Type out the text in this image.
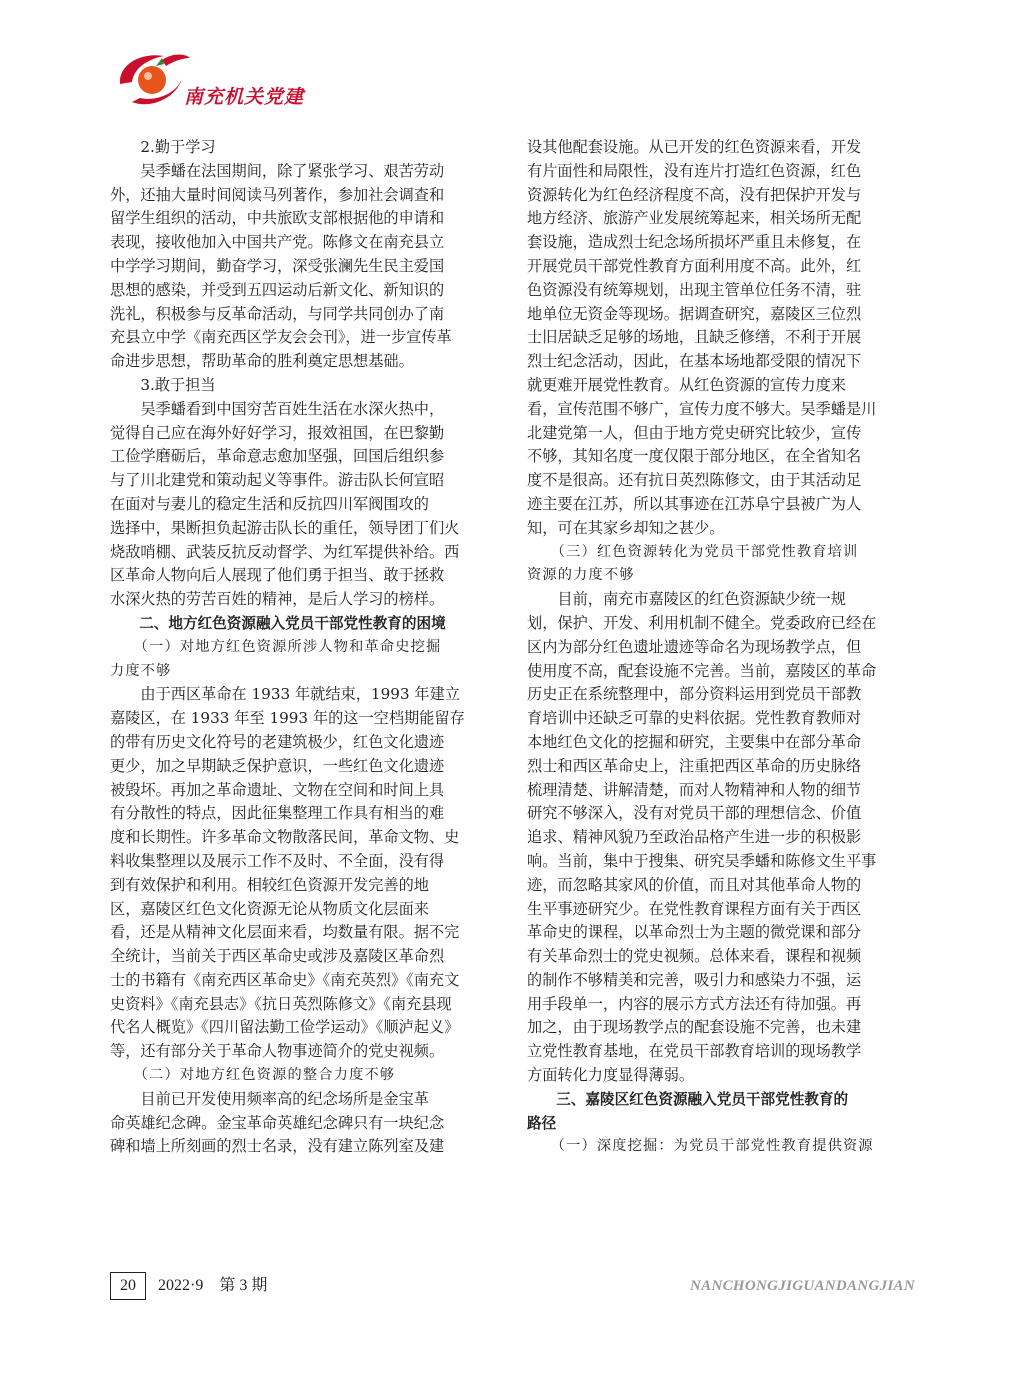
南充机关党建
　　2.勤于学习
　　吴季蟠在法国期间，除了紧张学习、艰苦劳动
外，还抽大量时间阅读马列著作，参加社会调查和
留学生组织的活动，中共旅欧支部根据他的申请和
表现，接收他加入中国共产党。陈修文在南充县立
中学学习期间，勤奋学习，深受张澜先生民主爱国
思想的感染，并受到五四运动后新文化、新知识的
洗礼，积极参与反革命活动，与同学共同创办了南
充县立中学《南充西区学友会会刊》，进一步宣传革
命进步思想，帮助革命的胜利奠定思想基础。
　　3.敢于担当
　　吴季蟠看到中国穷苦百姓生活在水深火热中，
觉得自己应在海外好好学习，报效祖国，在巴黎勤
工俭学磨砺后，革命意志愈加坚强，回国后组织参
与了川北建党和策动起义等事件。游击队长何宣昭
在面对与妻儿的稳定生活和反抗四川军阀围攻的
选择中，果断担负起游击队长的重任，领导团丁们火
烧敌哨棚、武装反抗反动督学、为红军提供补给。西
区革命人物向后人展现了他们勇于担当、敢于拯救
水深火热的劳苦百姓的精神，是后人学习的榜样。
　　二、地方红色资源融入党员干部党性教育的困境
　　（一）对地方红色资源所涉人物和革命史挖掘
力度不够
　　由于西区革命在 1933 年就结束，1993 年建立
嘉陵区，在 1933 年至 1993 年的这一空档期能留存
的带有历史文化符号的老建筑极少，红色文化遗迹
更少，加之早期缺乏保护意识，一些红色文化遗迹
被毁坏。再加之革命遗址、文物在空间和时间上具
有分散性的特点，因此征集整理工作具有相当的难
度和长期性。许多革命文物散落民间，革命文物、史
料收集整理以及展示工作不及时、不全面，没有得
到有效保护和利用。相较红色资源开发完善的地
区，嘉陵区红色文化资源无论从物质文化层面来
看，还是从精神文化层面来看，均数量有限。据不完
全统计，当前关于西区革命史或涉及嘉陵区革命烈
士的书籍有《南充西区革命史》《南充英烈》《南充文
史资料》《南充县志》《抗日英烈陈修文》《南充县现
代名人概览》《四川留法勤工俭学运动》《顺泸起义》
等，还有部分关于革命人物事迹简介的党史视频。
　　（二）对地方红色资源的整合力度不够
　　目前已开发使用频率高的纪念场所是金宝革
命英雄纪念碑。金宝革命英雄纪念碑只有一块纪念
碑和墙上所刻画的烈士名录，没有建立陈列室及建
设其他配套设施。从已开发的红色资源来看，开发
有片面性和局限性，没有连片打造红色资源，红色
资源转化为红色经济程度不高，没有把保护开发与
地方经济、旅游产业发展统筹起来，相关场所无配
套设施，造成烈士纪念场所损坏严重且未修复，在
开展党员干部党性教育方面利用度不高。此外，红
色资源没有统筹规划，出现主管单位任务不清，驻
地单位无资金等现场。据调查研究，嘉陵区三位烈
士旧居缺乏足够的场地，且缺乏修缮，不利于开展
烈士纪念活动，因此，在基本场地都受限的情况下
就更难开展党性教育。从红色资源的宣传力度来
看，宣传范围不够广，宣传力度不够大。吴季蟠是川
北建党第一人，但由于地方党史研究比较少，宣传
不够，其知名度一度仅限于部分地区，在全省知名
度不是很高。还有抗日英烈陈修文，由于其活动足
迹主要在江苏，所以其事迹在江苏阜宁县被广为人
知，可在其家乡却知之甚少。
　　（三）红色资源转化为党员干部党性教育培训
资源的力度不够
　　目前，南充市嘉陵区的红色资源缺少统一规
划，保护、开发、利用机制不健全。党委政府已经在
区内为部分红色遗址遗迹等命名为现场教学点，但
使用度不高，配套设施不完善。当前，嘉陵区的革命
历史正在系统整理中，部分资料运用到党员干部教
育培训中还缺乏可靠的史料依据。党性教育教师对
本地红色文化的挖掘和研究，主要集中在部分革命
烈士和西区革命史上，注重把西区革命的历史脉络
梳理清楚、讲解清楚，而对人物精神和人物的细节
研究不够深入，没有对党员干部的理想信念、价值
追求、精神风貌乃至政治品格产生进一步的积极影
响。当前，集中于搜集、研究吴季蟠和陈修文生平事
迹，而忽略其家风的价值，而且对其他革命人物的
生平事迹研究少。在党性教育课程方面有关于西区
革命史的课程，以革命烈士为主题的微党课和部分
有关革命烈士的党史视频。总体来看，课程和视频
的制作不够精美和完善，吸引力和感染力不强，运
用手段单一，内容的展示方式方法还有待加强。再
加之，由于现场教学点的配套设施不完善，也未建
立党性教育基地，在党员干部教育培训的现场教学
方面转化力度显得薄弱。
　　三、嘉陵区红色资源融入党员干部党性教育的
路径
　　（一）深度挖掘：为党员干部党性教育提供资源
20	2022·9　第 3 期	NANCHONGJIGUANDANGJIAN
